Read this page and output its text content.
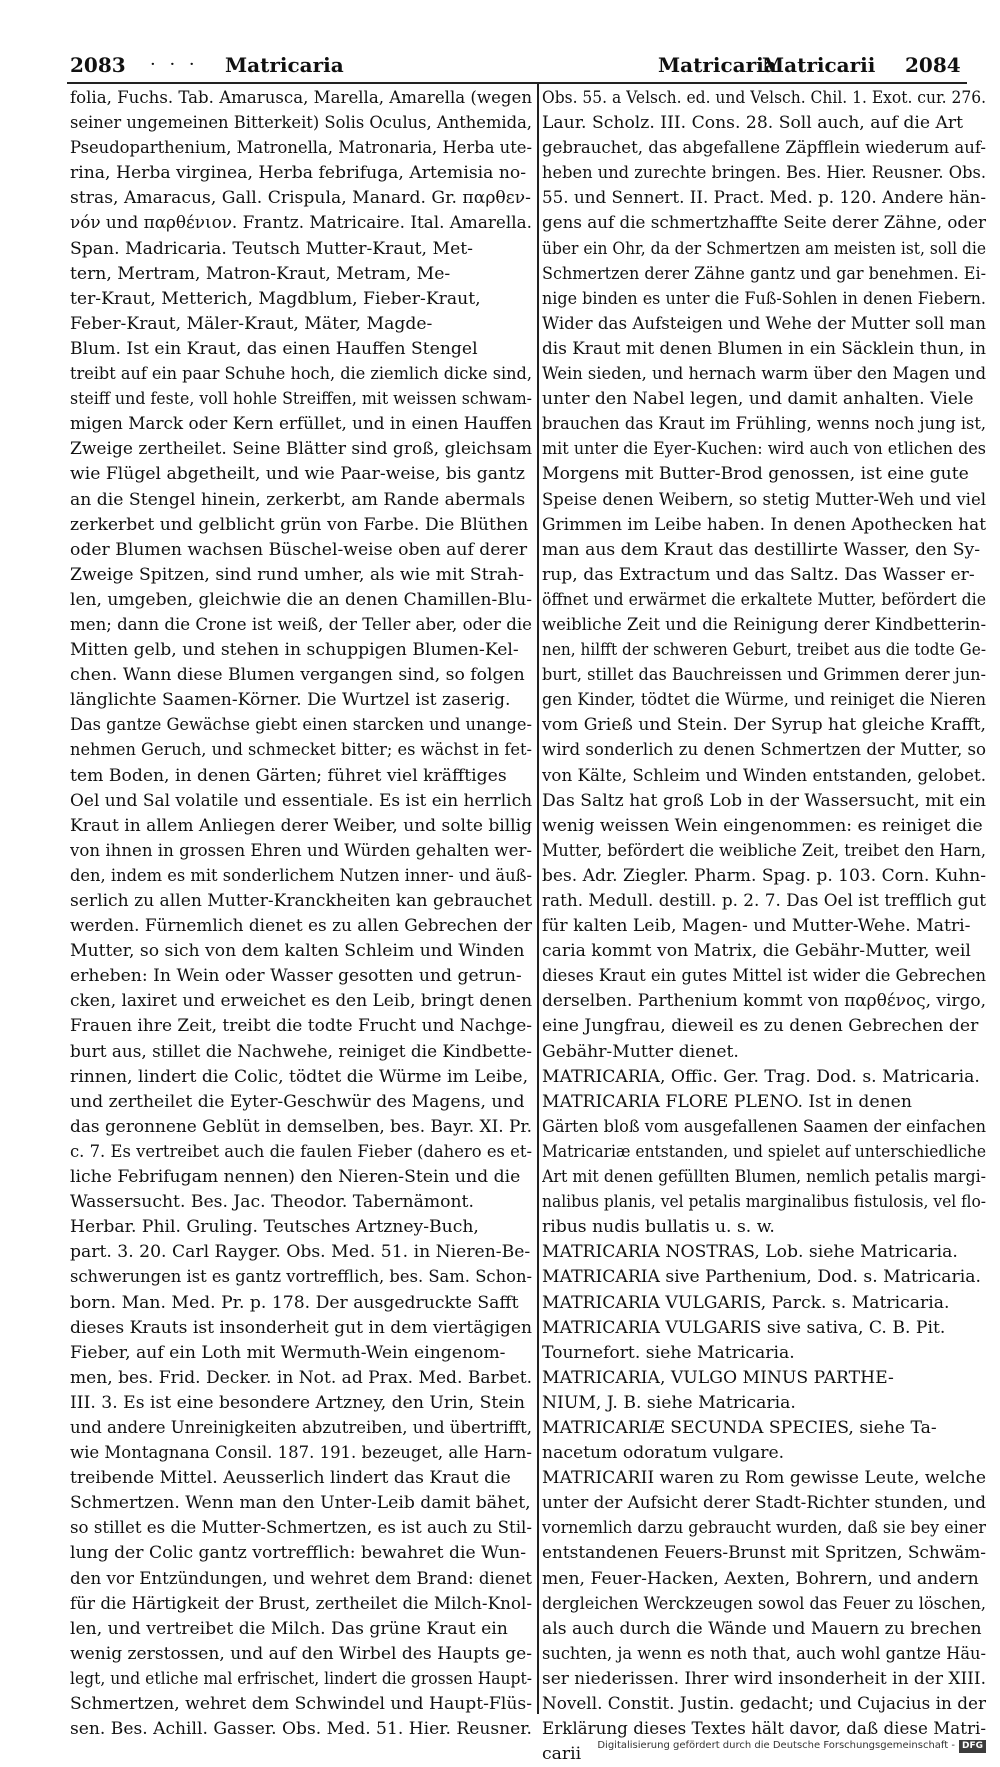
2083 · · · Matricaria	Matricaria
Matricarii 2084
folia, Fuchs. Tab. Amarusca, Marella, Amarella (wegen
seiner ungemeinen Bitterkeit) Solis Oculus, Anthemida,
Pseudoparthenium, Matronella, Matronaria, Herba ute-
rina, Herba virginea, Herba febrifuga, Artemisia no-
stras, Amaracus, Gall. Crispula, Manard. Gr. παρθεν-
νόν und παρθένιον. Frantz. Matricaire. Ital. Amarella.
Span. Madricaria. Teutsch Mutter-Kraut, Met-
tern, Mertram, Matron-Kraut, Metram, Me-
ter-Kraut, Metterich, Magdblum, Fieber-Kraut,
Feber-Kraut, Mäler-Kraut, Mäter, Magde-
Blum. Ist ein Kraut, das einen Hauffen Stengel
treibt auf ein paar Schuhe hoch, die ziemlich dicke sind,
steiff und feste, voll hohle Streiffen, mit weissen schwam-
migen Marck oder Kern erfüllet, und in einen Hauffen
Zweige zertheilet. Seine Blätter sind groß, gleichsam
wie Flügel abgetheilt, und wie Paar-weise, bis gantz
an die Stengel hinein, zerkerbt, am Rande abermals
zerkerbet und gelblicht grün von Farbe. Die Blüthen
oder Blumen wachsen Büschel-weise oben auf derer
Zweige Spitzen, sind rund umher, als wie mit Strah-
len, umgeben, gleichwie die an denen Chamillen-Blu-
men; dann die Crone ist weiß, der Teller aber, oder die
Mitten gelb, und stehen in schuppigen Blumen-Kel-
chen. Wann diese Blumen vergangen sind, so folgen
länglichte Saamen-Körner. Die Wurtzel ist zaserig.
Das gantze Gewächse giebt einen starcken und unange-
nehmen Geruch, und schmecket bitter; es wächst in fet-
tem Boden, in denen Gärten; führet viel kräfftiges
Oel und Sal volatile und essentiale. Es ist ein herrlich
Kraut in allem Anliegen derer Weiber, und solte billig
von ihnen in grossen Ehren und Würden gehalten wer-
den, indem es mit sonderlichem Nutzen inner- und äuß-
serlich zu allen Mutter-Kranckheiten kan gebrauchet
werden. Fürnemlich dienet es zu allen Gebrechen der
Mutter, so sich von dem kalten Schleim und Winden
erheben: In Wein oder Wasser gesotten und getrun-
cken, laxiret und erweichet es den Leib, bringt denen
Frauen ihre Zeit, treibt die todte Frucht und Nachge-
burt aus, stillet die Nachwehe, reiniget die Kindbette-
rinnen, lindert die Colic, tödtet die Würme im Leibe,
und zertheilet die Eyter-Geschwür des Magens, und
das geronnene Geblüt in demselben, bes. Bayr. XI. Pr.
c. 7. Es vertreibet auch die faulen Fieber (dahero es et-
liche Febrifugam nennen) den Nieren-Stein und die
Wassersucht. Bes. Jac. Theodor. Tabernämont.
Herbar. Phil. Gruling. Teutsches Artzney-Buch,
part. 3. 20. Carl Rayger. Obs. Med. 51. in Nieren-Be-
schwerungen ist es gantz vortrefflich, bes. Sam. Schon-
born. Man. Med. Pr. p. 178. Der ausgedruckte Safft
dieses Krauts ist insonderheit gut in dem viertägigen
Fieber, auf ein Loth mit Wermuth-Wein eingenom-
men, bes. Frid. Decker. in Not. ad Prax. Med. Barbet.
III. 3. Es ist eine besondere Artzney, den Urin, Stein
und andere Unreinigkeiten abzutreiben, und übertrifft,
wie Montagnana Consil. 187. 191. bezeuget, alle Harn-
treibende Mittel. Aeusserlich lindert das Kraut die
Schmertzen. Wenn man den Unter-Leib damit bähet,
so stillet es die Mutter-Schmertzen, es ist auch zu Stil-
lung der Colic gantz vortrefflich: bewahret die Wun-
den vor Entzündungen, und wehret dem Brand: dienet
für die Härtigkeit der Brust, zertheilet die Milch-Knol-
len, und vertreibet die Milch. Das grüne Kraut ein
wenig zerstossen, und auf den Wirbel des Haupts ge-
legt, und etliche mal erfrischet, lindert die grossen Haupt-
Schmertzen, wehret dem Schwindel und Haupt-Flüs-
sen. Bes. Achill. Gasser. Obs. Med. 51. Hier. Reusner.
Obs. 55. a Velsch. ed. und Velsch. Chil. 1. Exot. cur. 276.
Laur. Scholz. III. Cons. 28. Soll auch, auf die Art
gebrauchet, das abgefallene Zäpfflein wiederum auf-
heben und zurechte bringen. Bes. Hier. Reusner. Obs.
55. und Sennert. II. Pract. Med. p. 120. Andere hän-
gens auf die schmertzhaffte Seite derer Zähne, oder
über ein Ohr, da der Schmertzen am meisten ist, soll die
Schmertzen derer Zähne gantz und gar benehmen. Ei-
nige binden es unter die Fuß-Sohlen in denen Fiebern.
Wider das Aufsteigen und Wehe der Mutter soll man
dis Kraut mit denen Blumen in ein Säcklein thun, in
Wein sieden, und hernach warm über den Magen und
unter den Nabel legen, und damit anhalten. Viele
brauchen das Kraut im Frühling, wenns noch jung ist,
mit unter die Eyer-Kuchen: wird auch von etlichen des
Morgens mit Butter-Brod genossen, ist eine gute
Speise denen Weibern, so stetig Mutter-Weh und viel
Grimmen im Leibe haben. In denen Apothecken hat
man aus dem Kraut das destillirte Wasser, den Sy-
rup, das Extractum und das Saltz. Das Wasser er-
öffnet und erwärmet die erkaltete Mutter, befördert die
weibliche Zeit und die Reinigung derer Kindbetterin-
nen, hilfft der schweren Geburt, treibet aus die todte Ge-
burt, stillet das Bauchreissen und Grimmen derer jun-
gen Kinder, tödtet die Würme, und reiniget die Nieren
vom Grieß und Stein. Der Syrup hat gleiche Krafft,
wird sonderlich zu denen Schmertzen der Mutter, so
von Kälte, Schleim und Winden entstanden, gelobet.
Das Saltz hat groß Lob in der Wassersucht, mit ein
wenig weissen Wein eingenommen: es reiniget die
Mutter, befördert die weibliche Zeit, treibet den Harn,
bes. Adr. Ziegler. Pharm. Spag. p. 103. Corn. Kuhn-
rath. Medull. destill. p. 2. 7. Das Oel ist trefflich gut
für kalten Leib, Magen- und Mutter-Wehe. Matri-
caria kommt von Matrix, die Gebähr-Mutter, weil
dieses Kraut ein gutes Mittel ist wider die Gebrechen
derselben. Parthenium kommt von παρθένος, virgo,
eine Jungfrau, dieweil es zu denen Gebrechen der
Gebähr-Mutter dienet.
MATRICARIA, Offic. Ger. Trag. Dod. s. Matricaria.
MATRICARIA FLORE PLENO. Ist in denen
Gärten bloß vom ausgefallenen Saamen der einfachen
Matricariæ entstanden, und spielet auf unterschiedliche
Art mit denen gefüllten Blumen, nemlich petalis margi-
nalibus planis, vel petalis marginalibus fistulosis, vel flo-
ribus nudis bullatis u. s. w.
MATRICARIA NOSTRAS, Lob. siehe Matricaria.
MATRICARIA sive Parthenium, Dod. s. Matricaria.
MATRICARIA VULGARIS, Parck. s. Matricaria.
MATRICARIA VULGARIS sive sativa, C. B. Pit.
Tournefort. siehe Matricaria.
MATRICARIA, VULGO MINUS PARTHE-
NIUM, J. B. siehe Matricaria.
MATRICARIÆ SECUNDA SPECIES, siehe Ta-
nacetum odoratum vulgare.
MATRICARII waren zu Rom gewisse Leute, welche
unter der Aufsicht derer Stadt-Richter stunden, und
vornemlich darzu gebraucht wurden, daß sie bey einer
entstandenen Feuers-Brunst mit Spritzen, Schwäm-
men, Feuer-Hacken, Aexten, Bohrern, und andern
dergleichen Werckzeugen sowol das Feuer zu löschen,
als auch durch die Wände und Mauern zu brechen
suchten, ja wenn es noth that, auch wohl gantze Häu-
ser niederissen. Ihrer wird insonderheit in der XIII.
Novell. Constit. Justin. gedacht; und Cujacius in der
Erklärung dieses Textes hält davor, daß diese Matri-
carii	Digitalisierung gefördert durch die Deutsche Forschungsgemeinschaft - DFG
